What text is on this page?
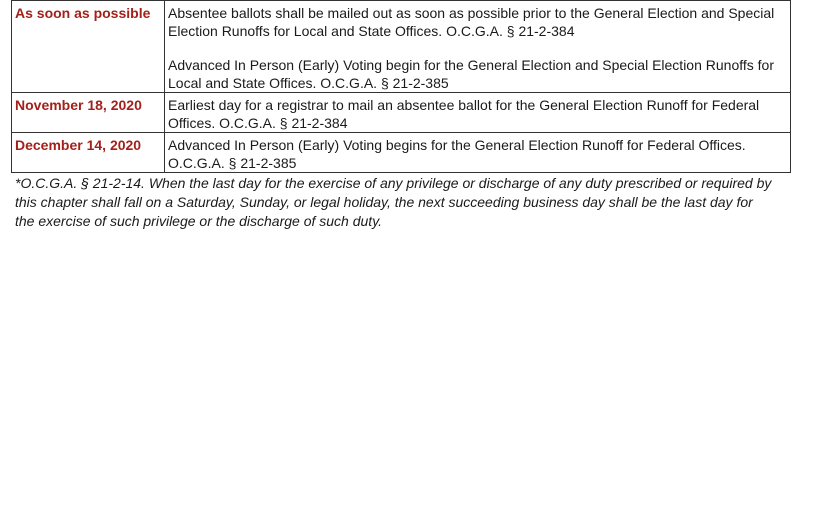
As soon as possible	Absentee ballots shall be mailed out as soon as possible prior to the General Election and Special Election Runoffs for Local and State Offices. O.C.G.A. § 21-2-384
Advanced In Person (Early) Voting begin for the General Election and Special Election Runoffs for Local and State Offices. O.C.G.A. § 21-2-385

November 18, 2020	Earliest day for a registrar to mail an absentee ballot for the General Election Runoff for Federal Offices. O.C.G.A. § 21-2-384

December 14, 2020	Advanced In Person (Early) Voting begins for the General Election Runoff for Federal Offices. O.C.G.A. § 21-2-385
*O.C.G.A. § 21-2-14. When the last day for the exercise of any privilege or discharge of any duty prescribed or required by this chapter shall fall on a Saturday, Sunday, or legal holiday, the next succeeding business day shall be the last day for the exercise of such privilege or the discharge of such duty.
